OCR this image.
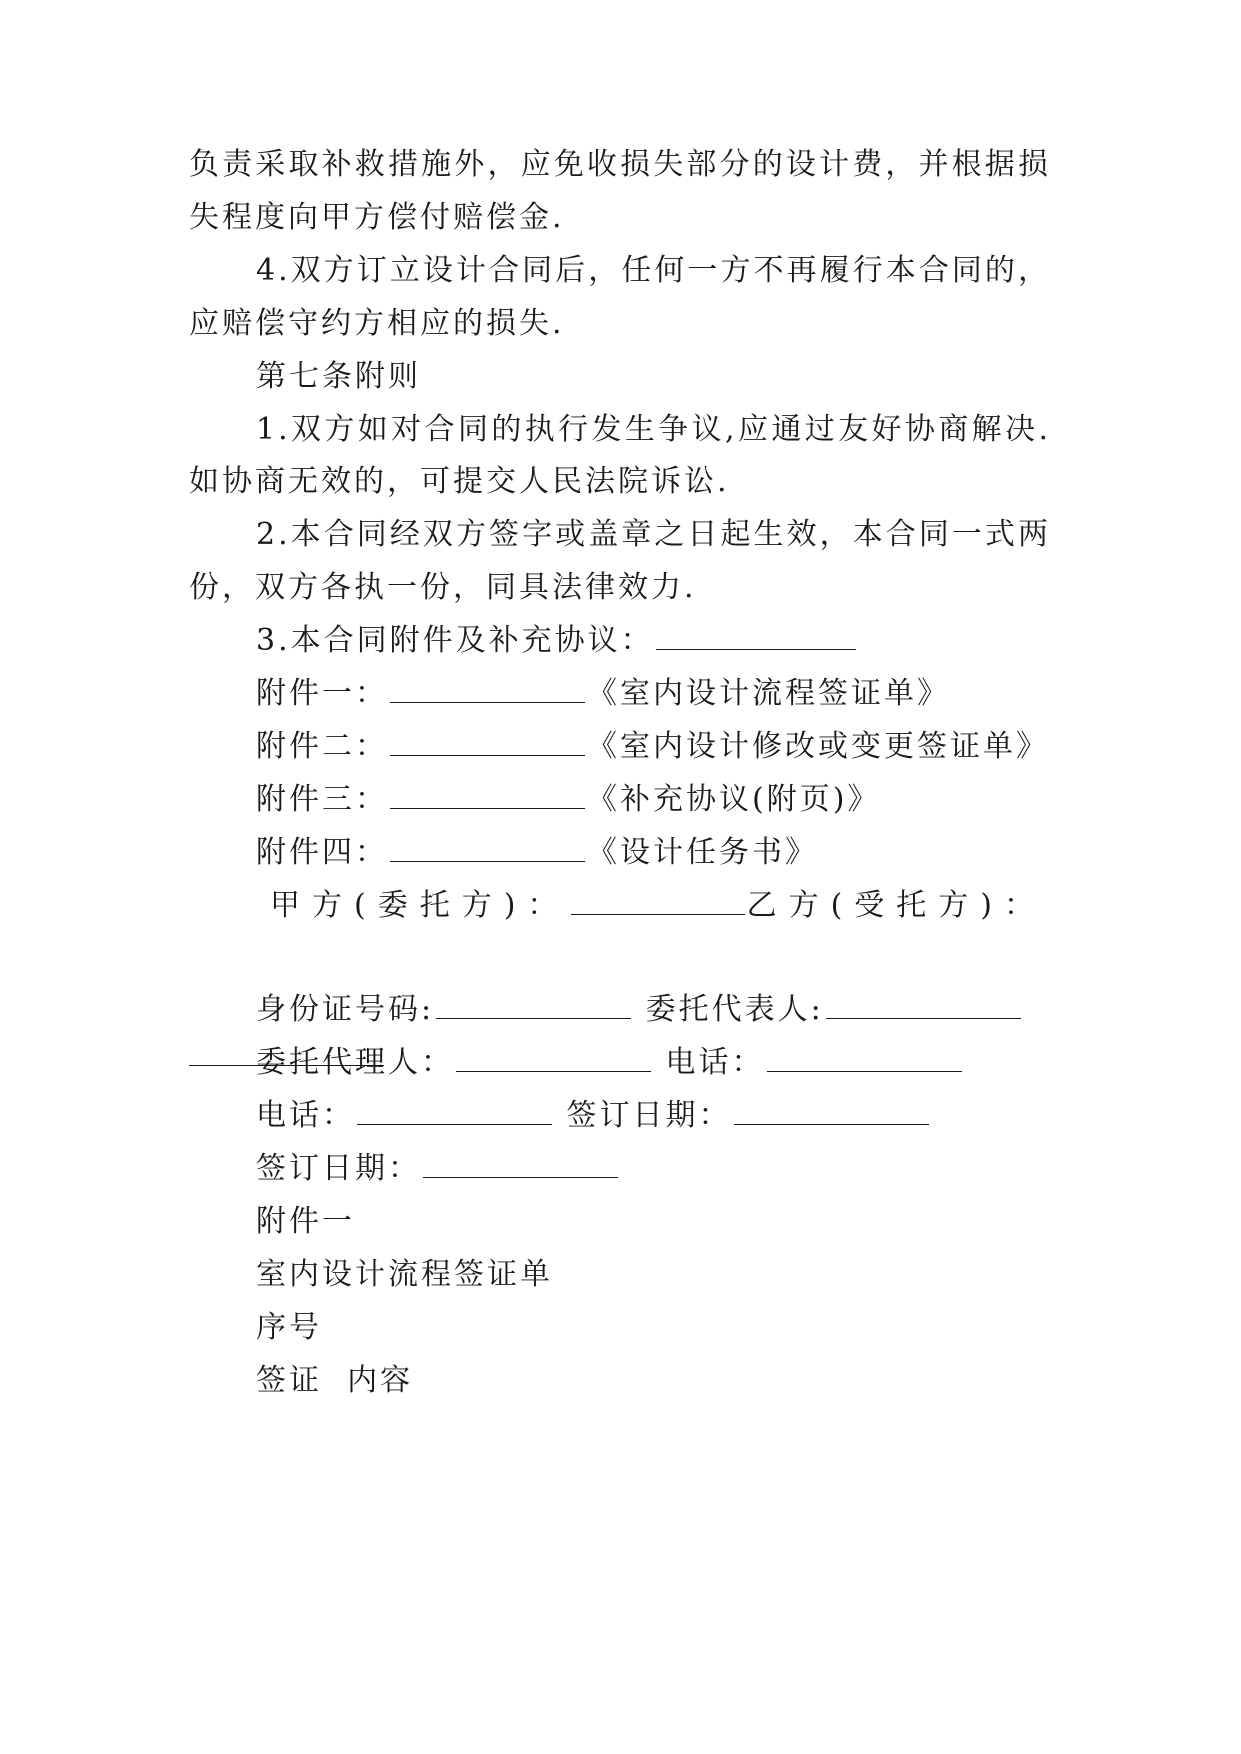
负责采取补救措施外，应免收损失部分的设计费，并根据损
失程度向甲方偿付赔偿金.
4.双方订立设计合同后，任何一方不再履行本合同的，
应赔偿守约方相应的损失.
第七条附则
1.双方如对合同的执行发生争议,应通过友好协商解决.
如协商无效的，可提交人民法院诉讼.
2.本合同经双方签字或盖章之日起生效，本合同一式两
份，双方各执一份，同具法律效力.
3.本合同附件及补充协议：
附件一：	《室内设计流程签证单》
附件二：	《室内设计修改或变更签证单》
附件三：	《补充协议(附页)》
附件四：	《设计任务书》
甲方(委托方)：	乙方(受托方)：
身份证号码:	委托代表人:
委托代理人：	电话：
电话：	签订日期：
签订日期：
附件一
室内设计流程签证单
序号
签证  内容
